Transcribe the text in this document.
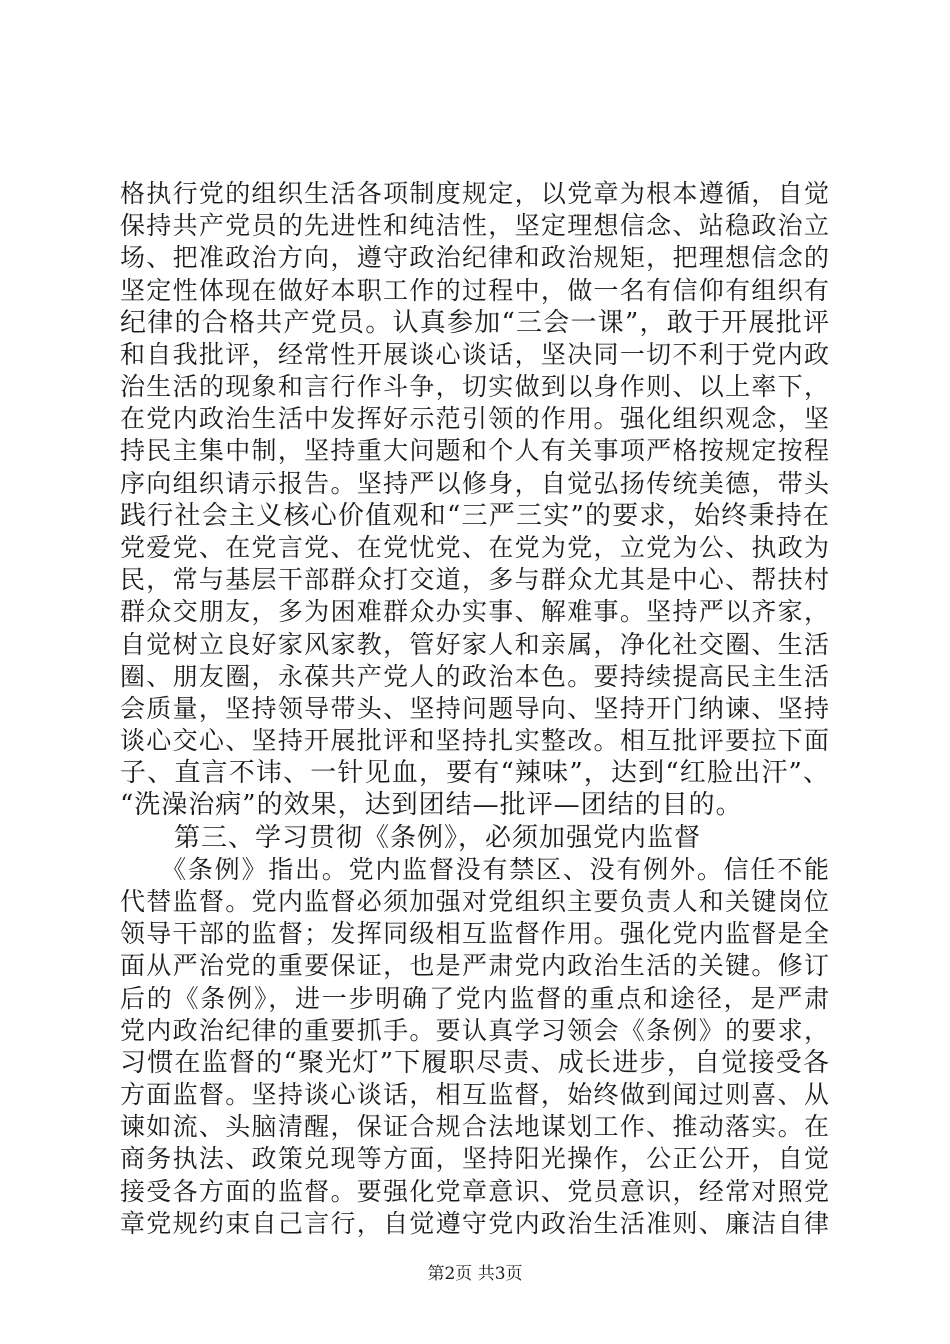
格执行党的组织生活各项制度规定，以党章为根本遵循，自觉
保持共产党员的先进性和纯洁性，坚定理想信念、站稳政治立
场、把准政治方向，遵守政治纪律和政治规矩，把理想信念的
坚定性体现在做好本职工作的过程中，做一名有信仰有组织有
纪律的合格共产党员。认真参加“三会一课”，敢于开展批评
和自我批评，经常性开展谈心谈话，坚决同一切不利于党内政
治生活的现象和言行作斗争，切实做到以身作则、以上率下，
在党内政治生活中发挥好示范引领的作用。强化组织观念，坚
持民主集中制，坚持重大问题和个人有关事项严格按规定按程
序向组织请示报告。坚持严以修身，自觉弘扬传统美德，带头
践行社会主义核心价值观和“三严三实”的要求，始终秉持在
党爱党、在党言党、在党忧党、在党为党，立党为公、执政为
民，常与基层干部群众打交道，多与群众尤其是中心、帮扶村
群众交朋友，多为困难群众办实事、解难事。坚持严以齐家，
自觉树立良好家风家教，管好家人和亲属，净化社交圈、生活
圈、朋友圈，永葆共产党人的政治本色。要持续提高民主生活
会质量，坚持领导带头、坚持问题导向、坚持开门纳谏、坚持
谈心交心、坚持开展批评和坚持扎实整改。相互批评要拉下面
子、直言不讳、一针见血，要有“辣味”，达到“红脸出汗”、
“洗澡治病”的效果，达到团结—批评—团结的目的。
　　第三、学习贯彻《条例》，必须加强党内监督
　　《条例》指出。党内监督没有禁区、没有例外。信任不能
代替监督。党内监督必须加强对党组织主要负责人和关键岗位
领导干部的监督；发挥同级相互监督作用。强化党内监督是全
面从严治党的重要保证，也是严肃党内政治生活的关键。修订
后的《条例》，进一步明确了党内监督的重点和途径，是严肃
党内政治纪律的重要抓手。要认真学习领会《条例》的要求，
习惯在监督的“聚光灯”下履职尽责、成长进步，自觉接受各
方面监督。坚持谈心谈话，相互监督，始终做到闻过则喜、从
谏如流、头脑清醒，保证合规合法地谋划工作、推动落实。在
商务执法、政策兑现等方面，坚持阳光操作，公正公开，自觉
接受各方面的监督。要强化党章意识、党员意识，经常对照党
章党规约束自己言行，自觉遵守党内政治生活准则、廉洁自律
第2页 共3页
